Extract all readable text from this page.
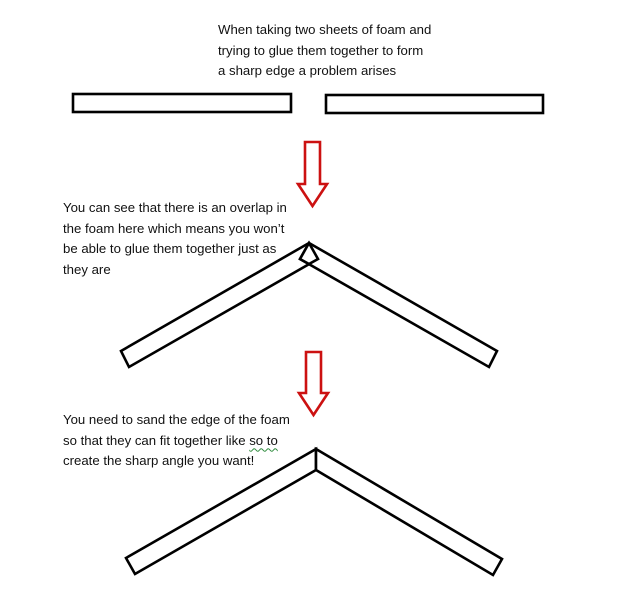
When taking two sheets of foam and
trying to glue them together to form
a sharp edge a problem arises

You can see that there is an overlap in
the foam here which means you won’t
be able to glue them together just as
they are

You need to sand the edge of the foam
so that they can fit together like so to
create the sharp angle you want!
